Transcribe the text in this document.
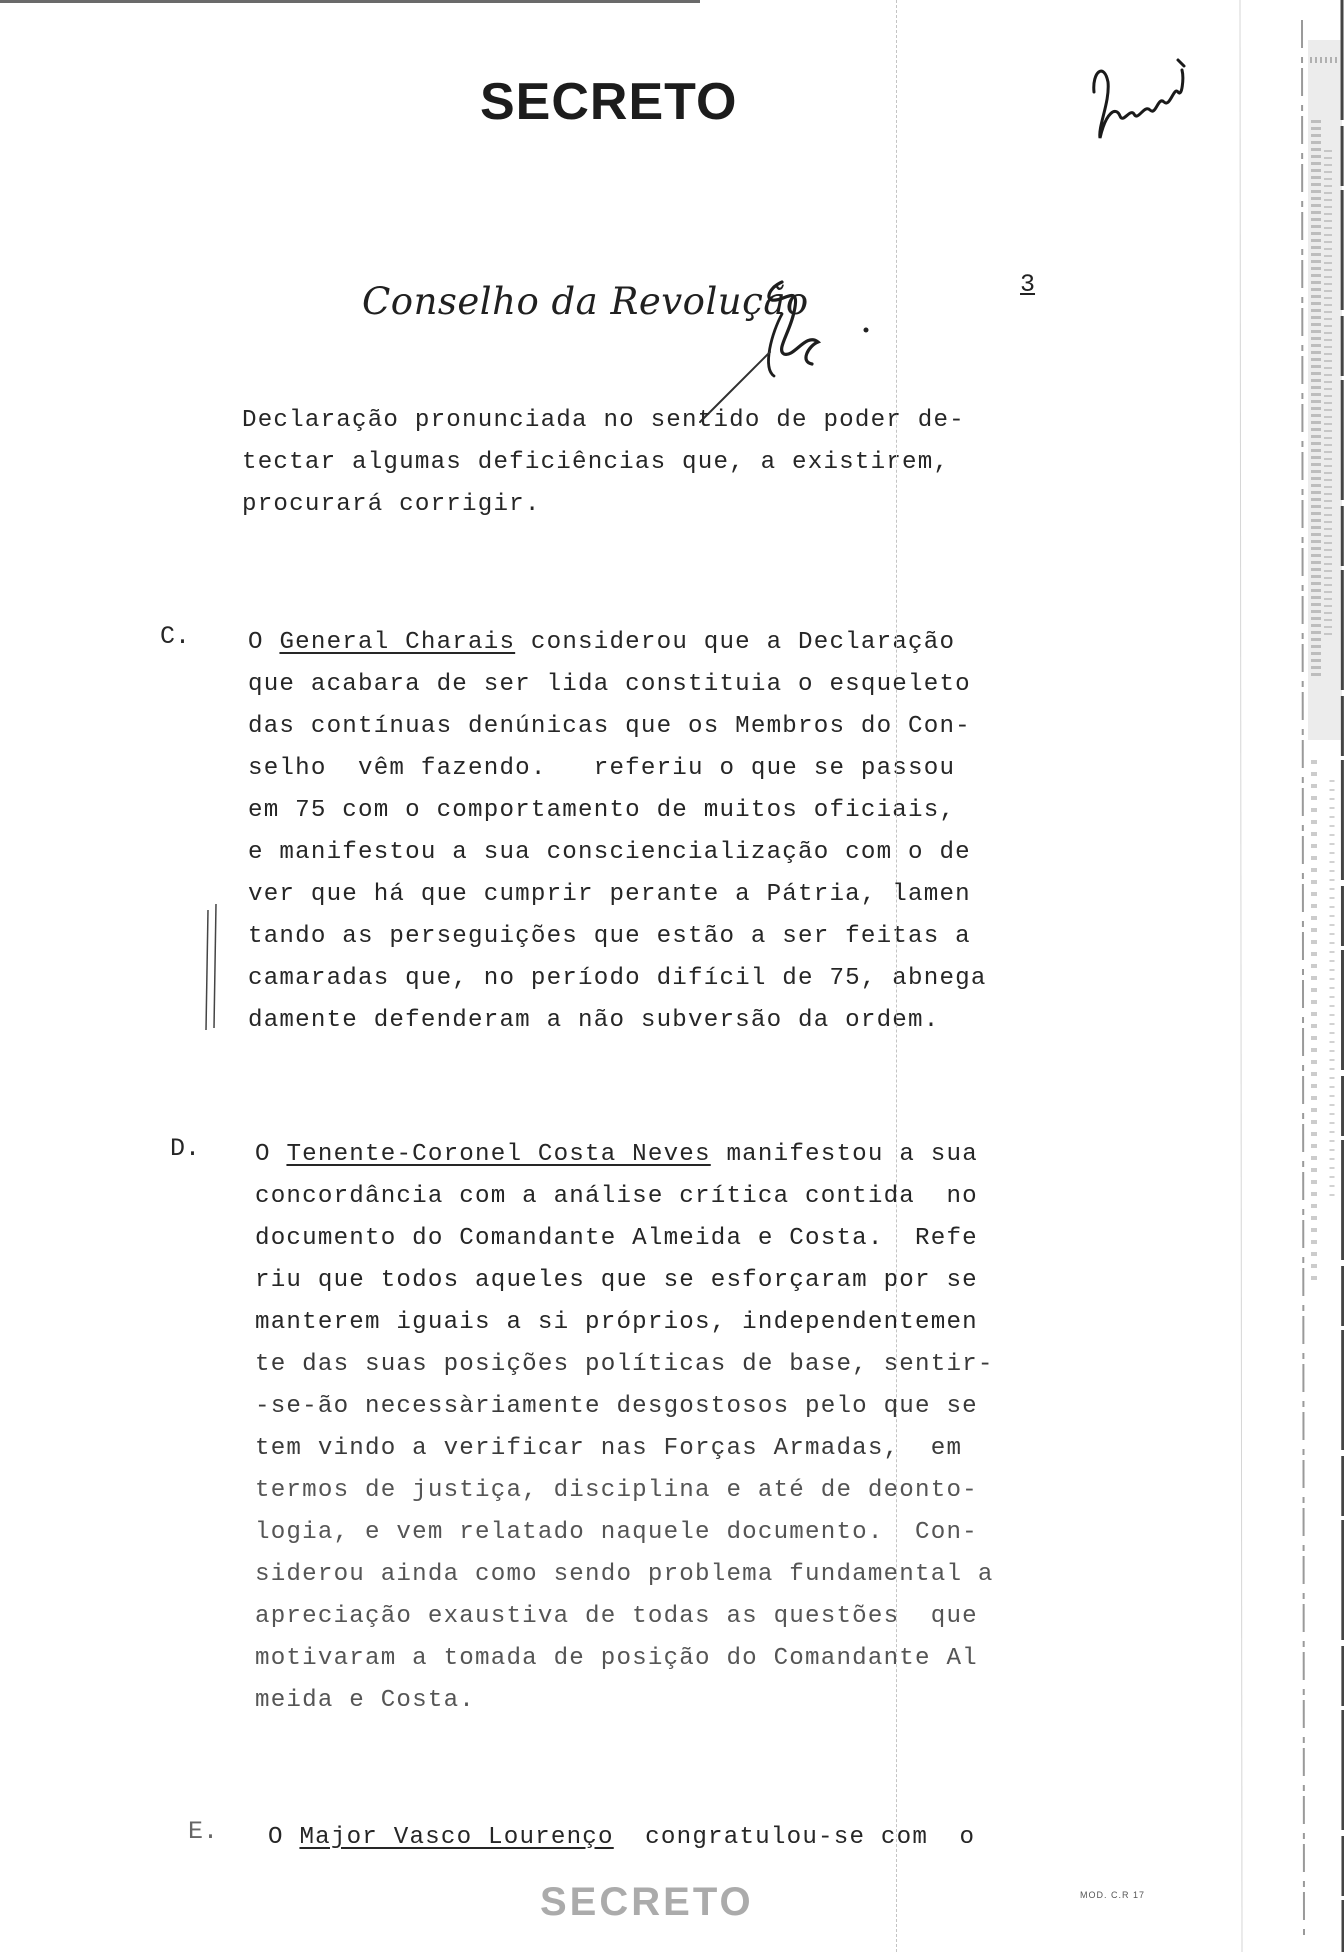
SECRETO
Conselho da Revolução	3

Declaração pronunciada no sentido de poder de-
tectar algumas deficiências que, a existirem,
procurará corrigir.

C. O General Charais considerou que a Declaração
que acabara de ser lida constituia o esqueleto
das contínuas denúnicas que os Membros do Con-
selho  vêm fazendo.   referiu o que se passou
em 75 com o comportamento de muitos oficiais,
e manifestou a sua consciencialização com o de
ver que há que cumprir perante a Pátria, lamen
tando as perseguições que estão a ser feitas a
camaradas que, no período difícil de 75, abnega
damente defenderam a não subversão da ordem.

D. O Tenente-Coronel Costa Neves manifestou a sua
concordância com a análise crítica contida  no
documento do Comandante Almeida e Costa.  Refe
riu que todos aqueles que se esforçaram por se
manterem iguais a si próprios, independentemen
te das suas posições políticas de base, sentir-
-se-ão necessàriamente desgostosos pelo que se
tem vindo a verificar nas Forças Armadas,  em
termos de justiça, disciplina e até de deonto-
logia, e vem relatado naquele documento.  Con-
siderou ainda como sendo problema fundamental a
apreciação exaustiva de todas as questões  que
motivaram a tomada de posição do Comandante Al
meida e Costa.

E. O Major Vasco Lourenço  congratulou-se com  o

SECRETO	MOD. C.R 17
